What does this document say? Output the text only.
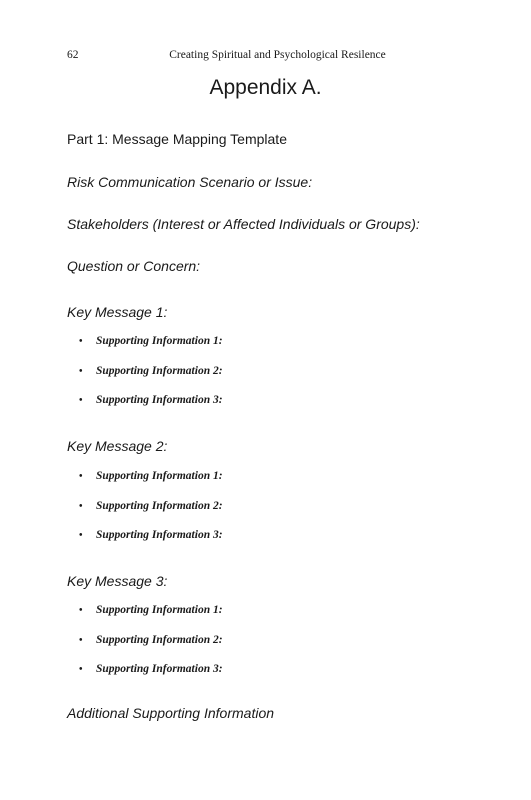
62	Creating Spiritual and Psychological Resilence
Appendix A.
Part 1: Message Mapping Template

Risk Communication Scenario or Issue:

Stakeholders (Interest or Affected Individuals or Groups):

Question or Concern:

Key Message 1:

•	Supporting Information 1:
•	Supporting Information 2:
•	Supporting Information 3:

Key Message 2:

•	Supporting Information 1:
•	Supporting Information 2:
•	Supporting Information 3:

Key Message 3:

•	Supporting Information 1:
•	Supporting Information 2:
•	Supporting Information 3:

Additional Supporting Information
